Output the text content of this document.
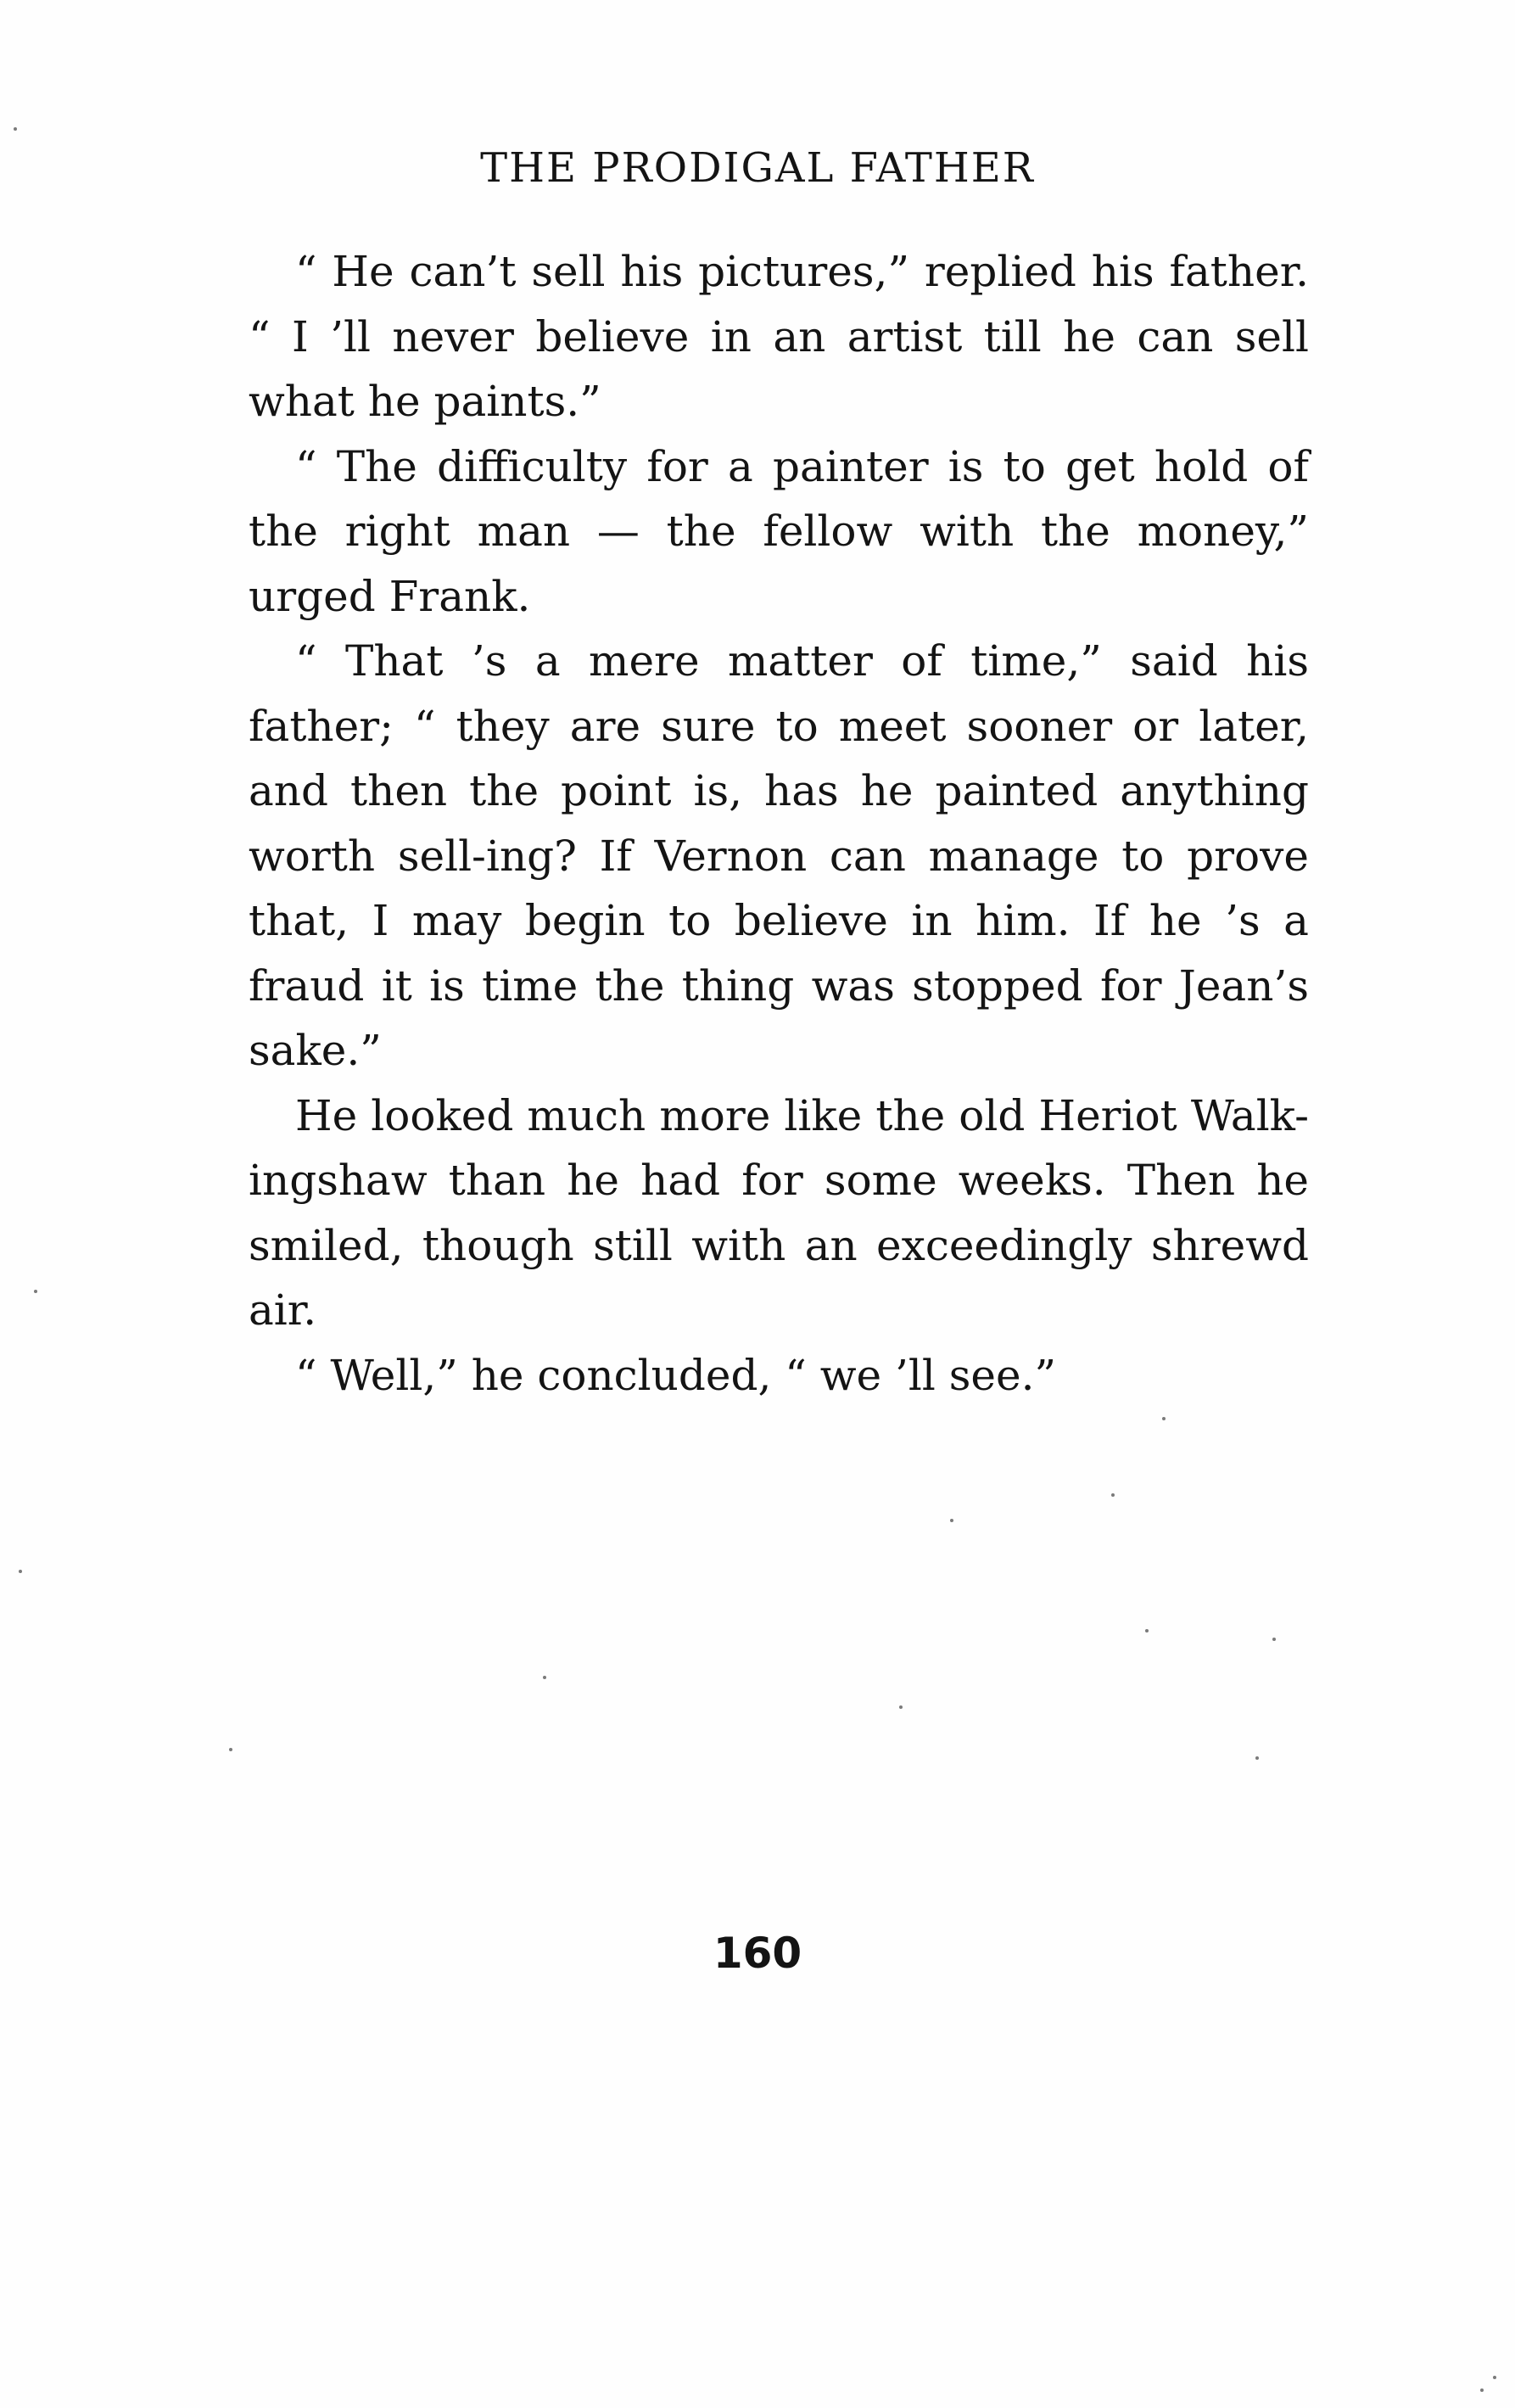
THE PRODIGAL FATHER

“ He can’t sell his pictures,” replied his father. “ I ’ll never believe in an artist till he can sell what he paints.”

“ The difficulty for a painter is to get hold of the right man — the fellow with the money,” urged Frank.

“ That ’s a mere matter of time,” said his father; “ they are sure to meet sooner or later, and then the point is, has he painted anything worth sell-ing? If Vernon can manage to prove that, I may begin to believe in him. If he ’s a fraud it is time the thing was stopped for Jean’s sake.”

He looked much more like the old Heriot Walk-ingshaw than he had for some weeks. Then he smiled, though still with an exceedingly shrewd air.

“ Well,” he concluded, “ we ’ll see.”

160
